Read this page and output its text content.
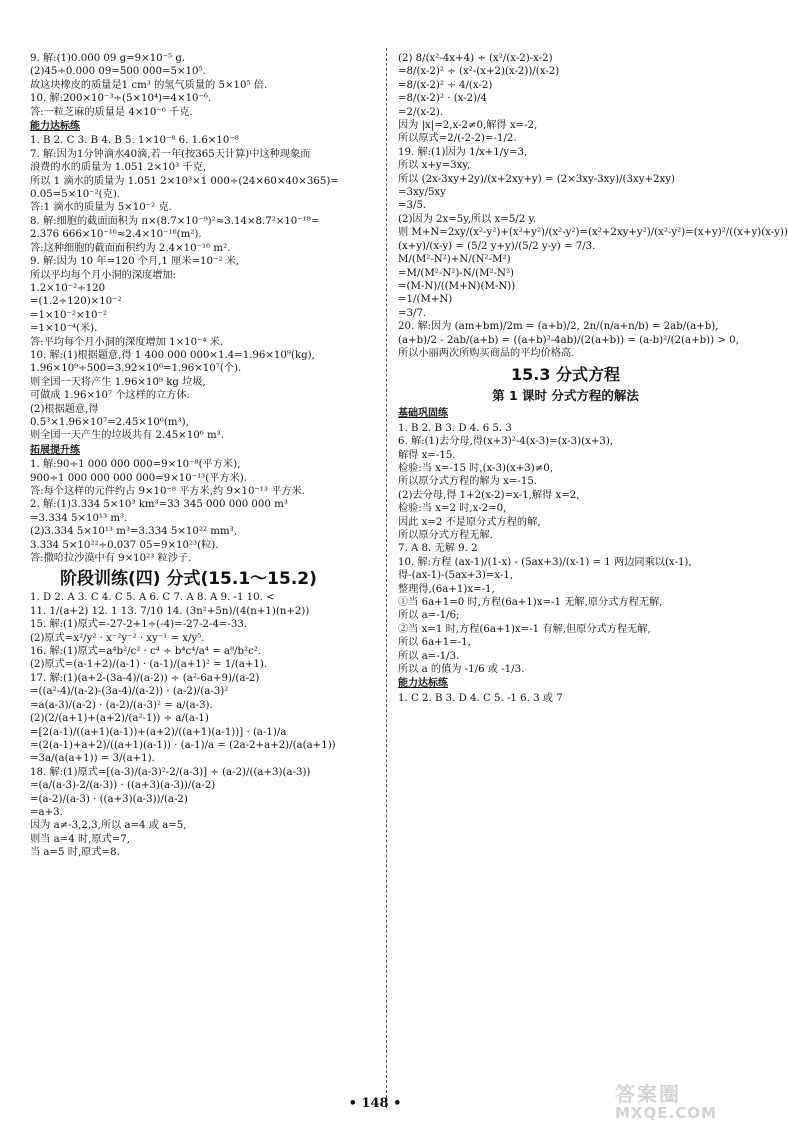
9. 解:(1)0.000 09 g=9×10⁻⁵ g.
(2)45÷0.000 09=500 000=5×10⁵.
故这块橡皮的质量是1 cm³ 的氢气质量的 5×10⁵ 倍.
10. 解:200×10⁻³÷(5×10⁴)=4×10⁻⁶.
答:一粒芝麻的质量是 4×10⁻⁶ 千克.
能力达标练
1. B 2. C 3. B 4. B 5. 1×10⁻⁸ 6. 1.6×10⁻⁸
7. 解:因为1分钟滴水40滴,若一年(按365天计算)中这种现象而
浪费的水的质量为 1.051 2×10³ 千克,
所以 1 滴水的质量为 1.051 2×10³×1 000÷(24×60×40×365)=
0.05=5×10⁻²(克).
答:1 滴水的质量为 5×10⁻² 克.
8. 解:细胞的截面面积为 π×(8.7×10⁻⁹)²≈3.14×8.7²×10⁻¹⁸=
2.376 666×10⁻¹⁶≈2.4×10⁻¹⁶(m²).
答:这种细胞的截面面积约为 2.4×10⁻¹⁶ m².
9. 解:因为 10 年=120 个月,1 厘米=10⁻² 米,
所以平均每个月小洞的深度增加:
1.2×10⁻²÷120
=(1.2÷120)×10⁻²
=1×10⁻²×10⁻²
=1×10⁻⁴(米).
答:平均每个月小洞的深度增加 1×10⁻⁴ 米.
10. 解:(1)根据题意,得 1 400 000 000×1.4=1.96×10⁹(kg),
1.96×10⁹÷500=3.92×10⁶=1.96×10⁷(个).
则全国一天将产生 1.96×10⁹ kg 垃圾,
可做成 1.96×10⁷ 个这样的立方体.
(2)根据题意,得
0.5³×1.96×10⁷=2.45×10⁶(m³),
则全国一天产生的垃圾共有 2.45×10⁶ m³.
拓展提升练
1. 解:90÷1 000 000 000=9×10⁻⁸(平方米),
900÷1 000 000 000 000=9×10⁻¹³(平方米).
答:每个这样的元件约占 9×10⁻⁸ 平方米,约 9×10⁻¹³ 平方米.
2. 解:(1)3.334 5×10³ km³=33 345 000 000 000 m³
=3.334 5×10¹³ m³.
(2)3.334 5×10¹³ m³=3.334 5×10²² mm³,
3.334 5×10²²÷0.037 05=9×10²³(粒).
答:撒哈拉沙漠中有 9×10²³ 粒沙子.
阶段训练(四) 分式(15.1～15.2)
1. D 2. A 3. C 4. C 5. A 6. C 7. A 8. A 9. -1 10. <
11. 1/(a+2) 12. 1 13. 7/10 14. (3n²+5n)/(4(n+1)(n+2))
15. 解:(1)原式=-27-2+1÷(-4)=-27-2-4=-33.
(2)原式=x²/y² · x⁻²y⁻² · xy⁻¹ = x/y⁵.
16. 解:(1)原式=a⁴b²/c² · c⁴ ÷ b⁴c⁴/a⁴ = a⁸/b²c².
(2)原式=(a-1+2)/(a-1) · (a-1)/(a+1)² = 1/(a+1).
17. 解:(1)(a+2-(3a-4)/(a-2)) ÷ (a²-6a+9)/(a-2)
=((a²-4)/(a-2)-(3a-4)/(a-2)) · (a-2)/(a-3)²
=a(a-3)/(a-2) · (a-2)/(a-3)² = a/(a-3).
(2)(2/(a+1)+(a+2)/(a²-1)) ÷ a/(a-1)
=[2(a-1)/((a+1)(a-1))+(a+2)/((a+1)(a-1))] · (a-1)/a
=(2(a-1)+a+2)/((a+1)(a-1)) · (a-1)/a = (2a-2+a+2)/(a(a+1))
=3a/(a(a+1)) = 3/(a+1).
18. 解:(1)原式=[(a-3)/(a-3)²-2/(a-3)] ÷ (a-2)/((a+3)(a-3))
=(a/(a-3)-2/(a-3)) · ((a+3)(a-3))/(a-2)
=(a-2)/(a-3) · ((a+3)(a-3))/(a-2)
=a+3.
因为 a≠-3,2,3,所以 a=4 或 a=5,
则当 a=4 时,原式=7,
当 a=5 时,原式=8.
(2) 8/(x²-4x+4) ÷ (x²/(x-2)-x-2)
=8/(x-2)² ÷ (x²-(x+2)(x-2))/(x-2)
=8/(x-2)² ÷ 4/(x-2)
=8/(x-2)² · (x-2)/4
=2/(x-2).
因为 |x|=2,x-2≠0,解得 x=-2,
所以原式=2/(-2-2)=-1/2.
19. 解:(1)因为 1/x+1/y=3,
所以 x+y=3xy,
所以 (2x-3xy+2y)/(x+2xy+y) = (2×3xy-3xy)/(3xy+2xy)
=3xy/5xy
=3/5.
(2)因为 2x=5y,所以 x=5/2 y.
则 M+N=2xy/(x²-y²)+(x²+y²)/(x²-y²)=(x²+2xy+y²)/(x²-y²)=(x+y)²/((x+y)(x-y))
(x+y)/(x-y) = (5/2 y+y)/(5/2 y-y) = 7/3.
M/(M²-N²)+N/(N²-M²)
=M/(M²-N²)-N/(M²-N²)
=(M-N)/((M+N)(M-N))
=1/(M+N)
=3/7.
20. 解:因为 (am+bm)/2m = (a+b)/2, 2n/(n/a+n/b) = 2ab/(a+b),
(a+b)/2 - 2ab/(a+b) = ((a+b)²-4ab)/(2(a+b)) = (a-b)²/(2(a+b)) > 0,
所以小丽两次所购买商品的平均价格高.
15.3 分式方程
第 1 课时 分式方程的解法
基础巩固练
1. B 2. B 3. D 4. 6 5. 3
6. 解:(1)去分母,得(x+3)²-4(x-3)=(x-3)(x+3),
解得 x=-15.
检验:当 x=-15 时,(x-3)(x+3)≠0,
所以原分式方程的解为 x=-15.
(2)去分母,得 1+2(x-2)=x-1,解得 x=2,
检验:当 x=2 时,x-2=0,
因此 x=2 不是原分式方程的解,
所以原分式方程无解.
7. A 8. 无解 9. 2
10. 解:方程 (ax-1)/(1-x) - (5ax+3)/(x-1) = 1 两边同乘以(x-1),
得-(ax-1)-(5ax+3)=x-1,
整理得,(6a+1)x=-1,
①当 6a+1=0 时,方程(6a+1)x=-1 无解,原分式方程无解,
所以 a=-1/6;
②当 x=1 时,方程(6a+1)x=-1 有解,但原分式方程无解,
所以 6a+1=-1,
所以 a=-1/3.
所以 a 的值为 -1/6 或 -1/3.
能力达标练
1. C 2. B 3. D 4. C 5. -1 6. 3 或 7
• 148 •	答案圈
MXQE.COM
